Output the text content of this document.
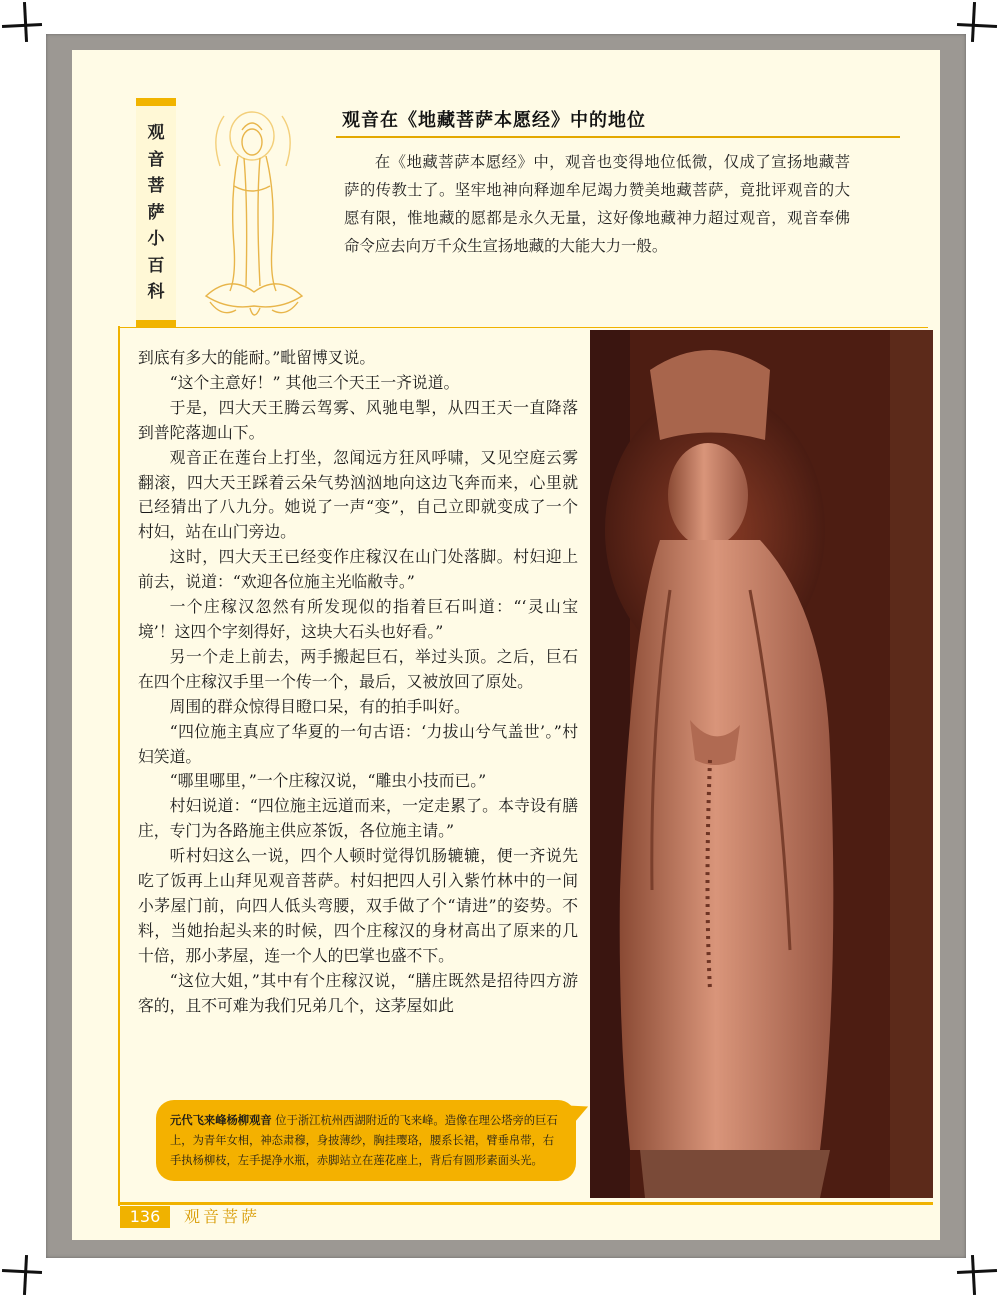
观
音
菩
萨
小
百
科
观音在《地藏菩萨本愿经》中的地位

在《地藏菩萨本愿经》中，观音也变得地位低微，仅成了宣扬地藏菩萨的传教士了。坚牢地神向释迦牟尼竭力赞美地藏菩萨，竟批评观音的大愿有限，惟地藏的愿都是永久无量，这好像地藏神力超过观音，观音奉佛命令应去向万千众生宣扬地藏的大能大力一般。

到底有多大的能耐。”毗留博叉说。

“这个主意好！” 其他三个天王一齐说道。

于是，四大天王腾云驾雾、风驰电掣，从四王天一直降落到普陀落迦山下。

观音正在莲台上打坐，忽闻远方狂风呼啸，又见空庭云雾翻滚，四大天王踩着云朵气势汹汹地向这边飞奔而来，心里就已经猜出了八九分。她说了一声“变”，自己立即就变成了一个村妇，站在山门旁边。

这时，四大天王已经变作庄稼汉在山门处落脚。村妇迎上前去，说道：“欢迎各位施主光临敝寺。”

一个庄稼汉忽然有所发现似的指着巨石叫道：“‘灵山宝境’！这四个字刻得好，这块大石头也好看。”

另一个走上前去，两手搬起巨石，举过头顶。之后，巨石在四个庄稼汉手里一个传一个，最后，又被放回了原处。

周围的群众惊得目瞪口呆，有的拍手叫好。

“四位施主真应了华夏的一句古语：‘力拔山兮气盖世’。”村妇笑道。

“哪里哪里，”一个庄稼汉说，“雕虫小技而已。”

村妇说道：“四位施主远道而来，一定走累了。本寺设有膳庄，专门为各路施主供应茶饭，各位施主请。”

听村妇这么一说，四个人顿时觉得饥肠辘辘，便一齐说先吃了饭再上山拜见观音菩萨。村妇把四人引入紫竹林中的一间小茅屋门前，向四人低头弯腰，双手做了个“请进”的姿势。不料，当她抬起头来的时候，四个庄稼汉的身材高出了原来的几十倍，那小茅屋，连一个人的巴掌也盛不下。

“这位大姐，”其中有个庄稼汉说，“膳庄既然是招待四方游客的，且不可难为我们兄弟几个，这茅屋如此

元代飞来峰杨柳观音 位于浙江杭州西湖附近的飞来峰。造像在理公塔旁的巨石上，为青年女相，神态肃穆，身披薄纱，胸挂璎珞，腰系长裙，臂垂帛带，右手执杨柳枝，左手提净水瓶，赤脚站立在莲花座上，背后有圆形素面头光。
136	观音菩萨
